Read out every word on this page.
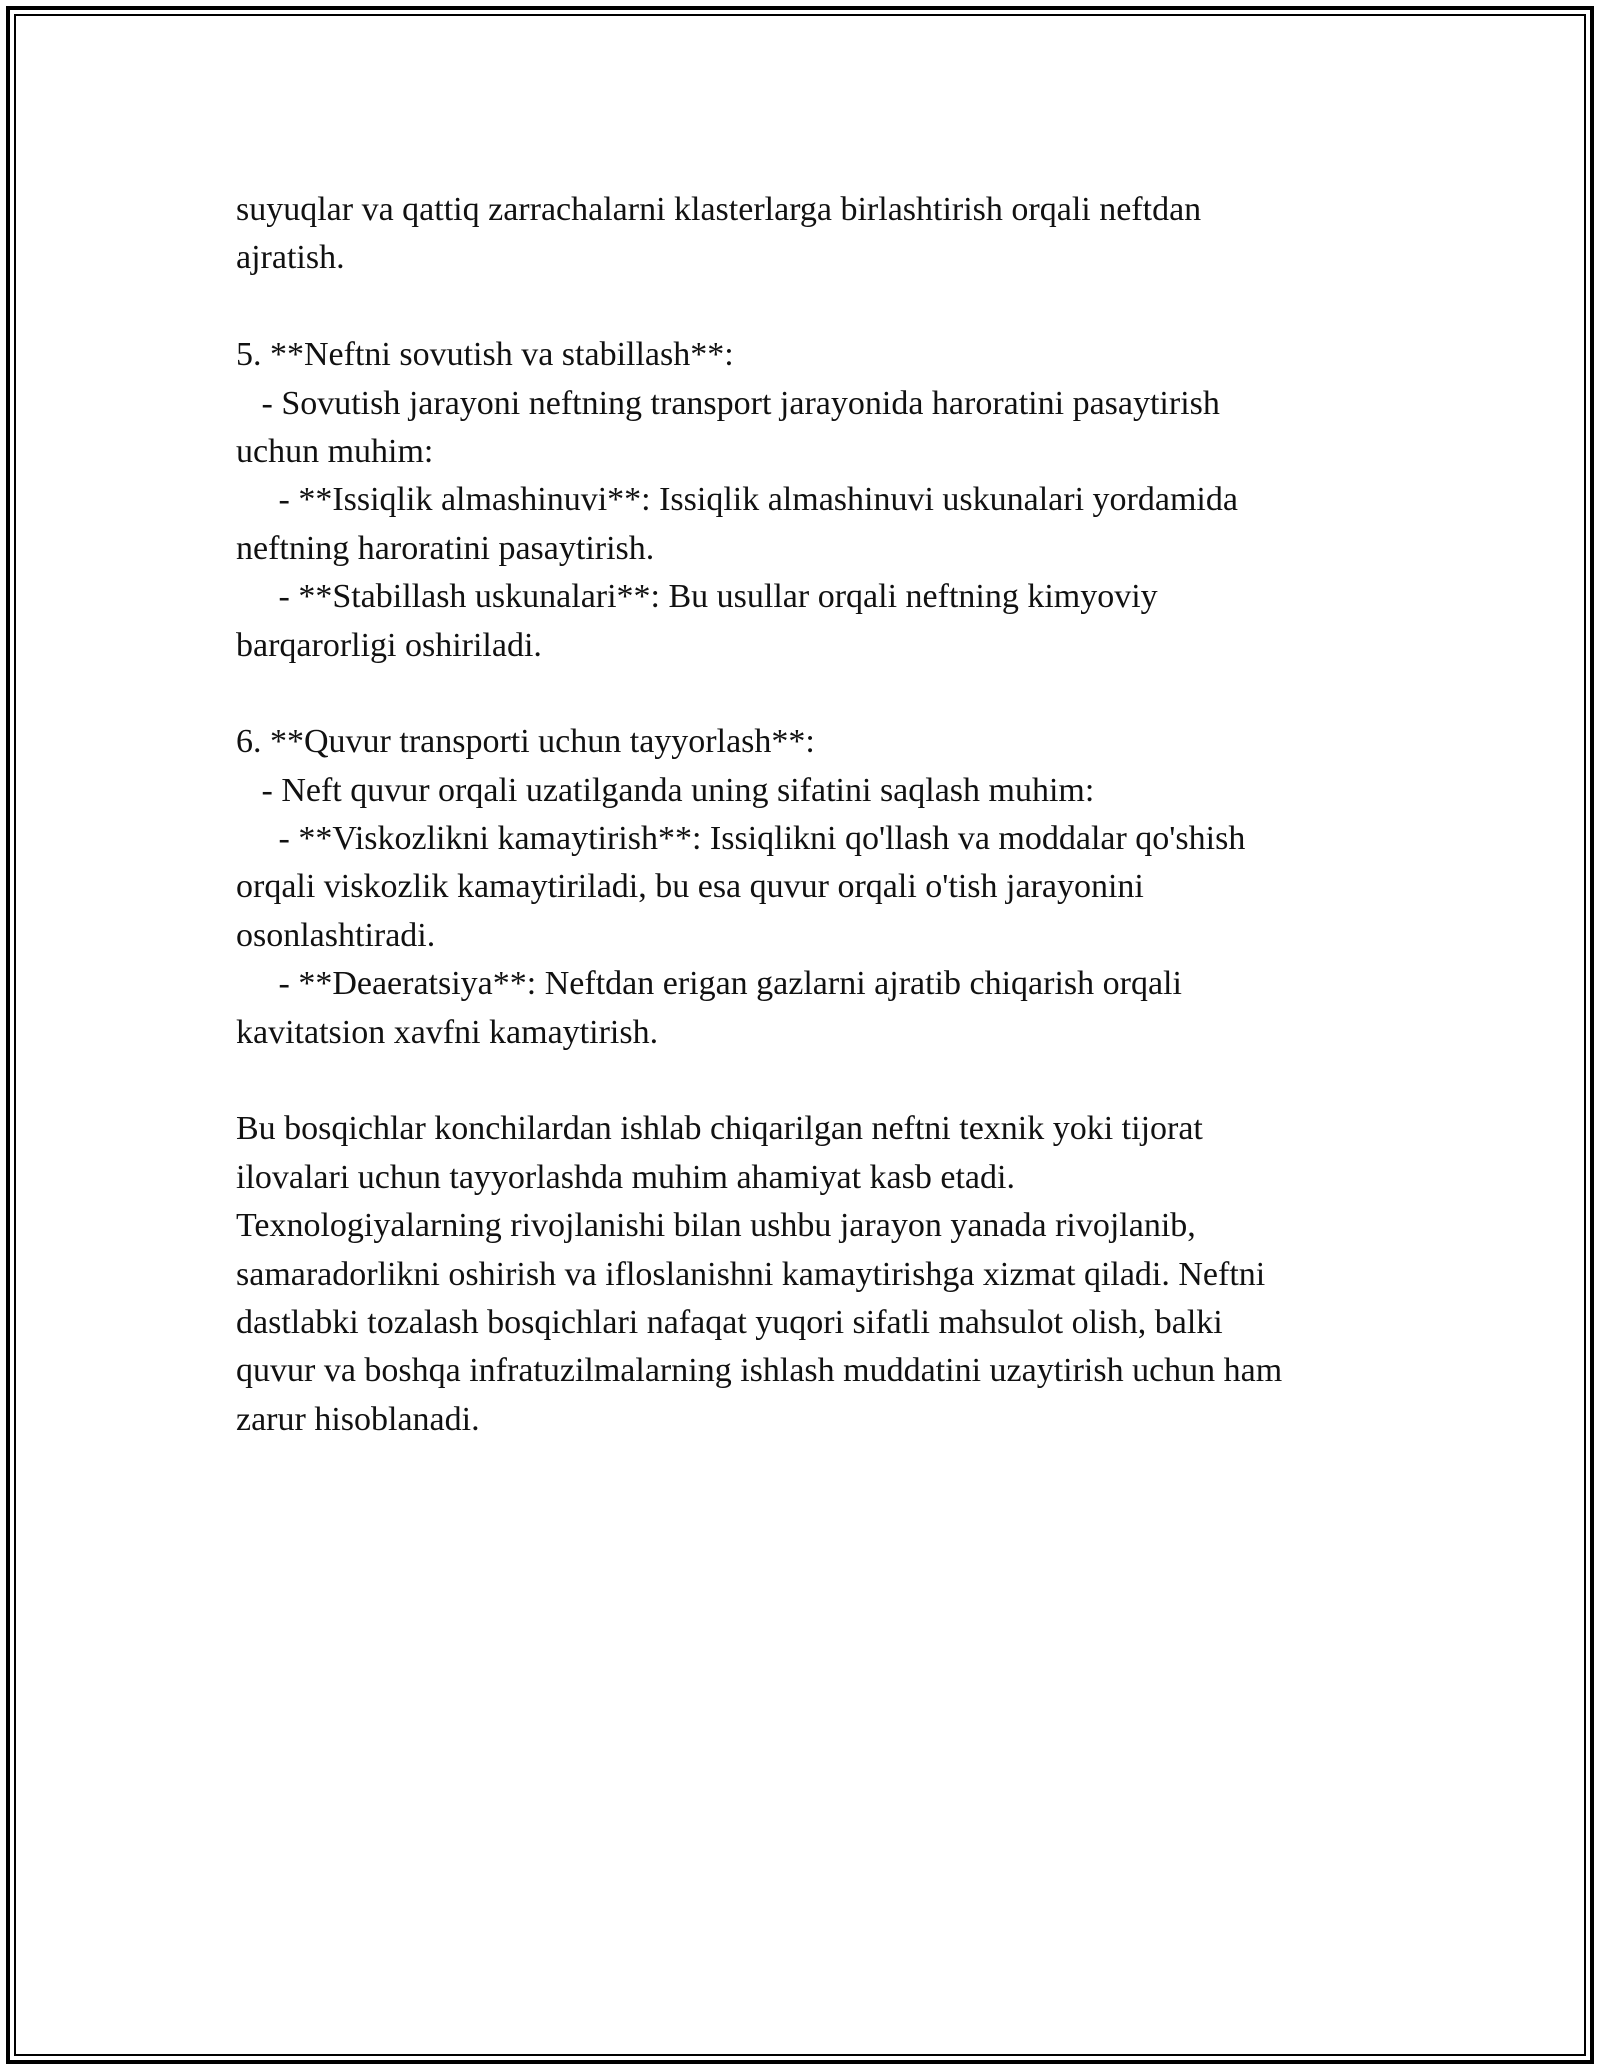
suyuqlar va qattiq zarrachalarni klasterlarga birlashtirish orqali neftdan
ajratish.
5. **Neftni sovutish va stabillash**:
- Sovutish jarayoni neftning transport jarayonida haroratini pasaytirish
uchun muhim:
- **Issiqlik almashinuvi**: Issiqlik almashinuvi uskunalari yordamida
neftning haroratini pasaytirish.
- **Stabillash uskunalari**: Bu usullar orqali neftning kimyoviy
barqarorligi oshiriladi.
6. **Quvur transporti uchun tayyorlash**:
- Neft quvur orqali uzatilganda uning sifatini saqlash muhim:
- **Viskozlikni kamaytirish**: Issiqlikni qo'llash va moddalar qo'shish
orqali viskozlik kamaytiriladi, bu esa quvur orqali o'tish jarayonini
osonlashtiradi.
- **Deaeratsiya**: Neftdan erigan gazlarni ajratib chiqarish orqali
kavitatsion xavfni kamaytirish.
Bu bosqichlar konchilardan ishlab chiqarilgan neftni texnik yoki tijorat
ilovalari uchun tayyorlashda muhim ahamiyat kasb etadi.
Texnologiyalarning rivojlanishi bilan ushbu jarayon yanada rivojlanib,
samaradorlikni oshirish va ifloslanishni kamaytirishga xizmat qiladi. Neftni
dastlabki tozalash bosqichlari nafaqat yuqori sifatli mahsulot olish, balki
quvur va boshqa infratuzilmalarning ishlash muddatini uzaytirish uchun ham
zarur hisoblanadi.
